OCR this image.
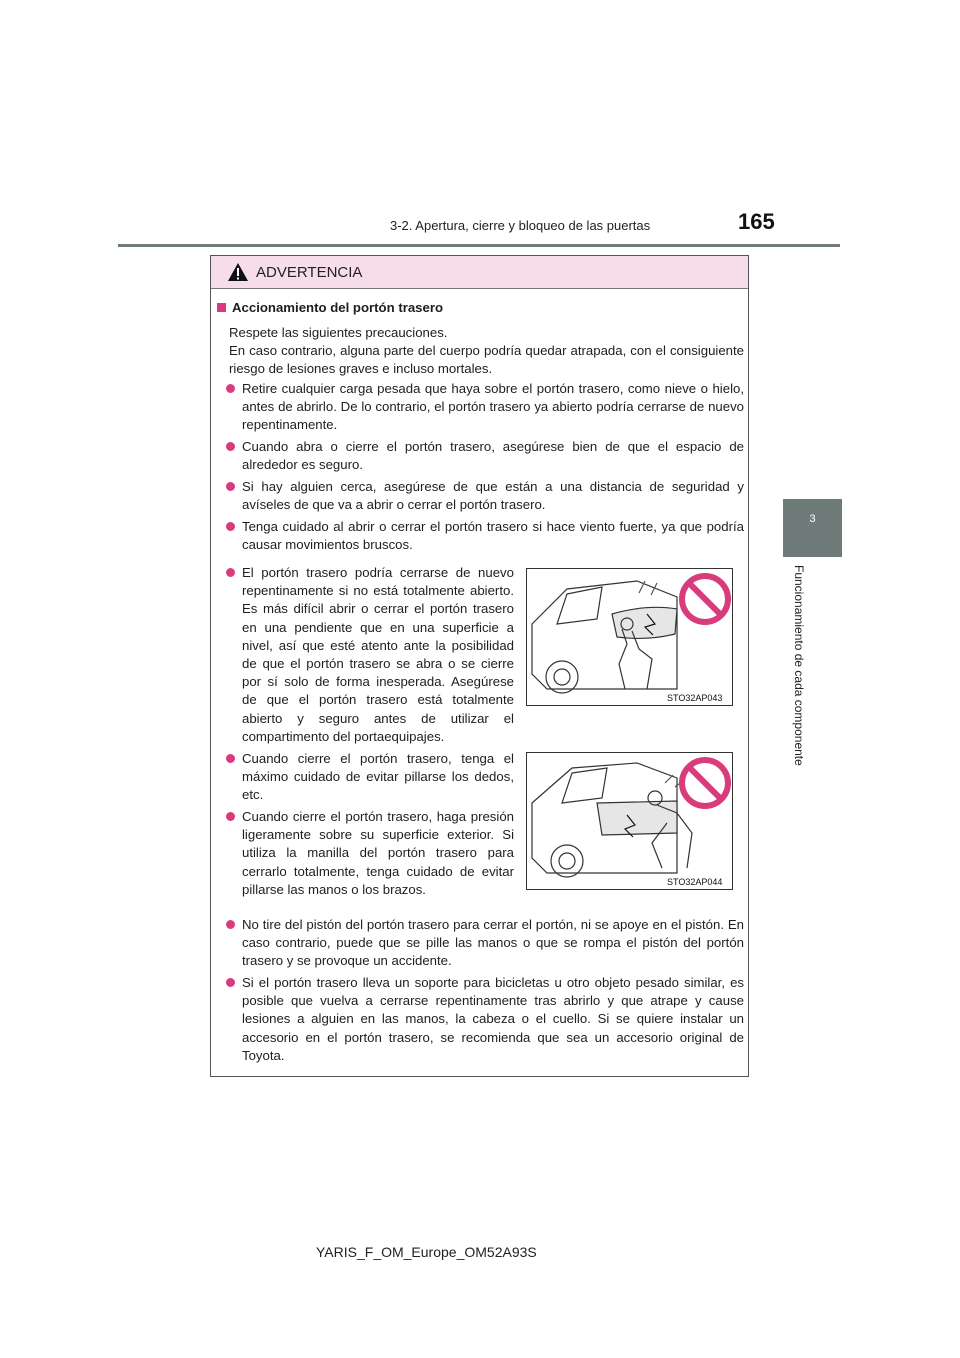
3-2. Apertura, cierre y bloqueo de las puertas	165
3
Funcionamiento de cada componente
ADVERTENCIA
Accionamiento del portón trasero
Respete las siguientes precauciones.
En caso contrario, alguna parte del cuerpo podría quedar atrapada, con el consiguiente riesgo de lesiones graves e incluso mortales.
Retire cualquier carga pesada que haya sobre el portón trasero, como nieve o hielo, antes de abrirlo. De lo contrario, el portón trasero ya abierto podría cerrarse de nuevo repentinamente.
Cuando abra o cierre el portón trasero, asegúrese bien de que el espacio de alrededor es seguro.
Si hay alguien cerca, asegúrese de que están a una distancia de seguridad y avíseles de que va a abrir o cerrar el portón trasero.
Tenga cuidado al abrir o cerrar el portón trasero si hace viento fuerte, ya que podría causar movimientos bruscos.
El portón trasero podría cerrarse de nuevo repentinamente si no está totalmente abierto. Es más difícil abrir o cerrar el portón trasero en una pendiente que en una superficie a nivel, así que esté atento ante la posibilidad de que el portón trasero se abra o se cierre por sí solo de forma inesperada. Asegúrese de que el portón trasero está totalmente abierto y seguro antes de utilizar el compartimento del portaequipajes.
STO32AP043
Cuando cierre el portón trasero, tenga el máximo cuidado de evitar pillarse los dedos, etc.
Cuando cierre el portón trasero, haga presión ligeramente sobre su superficie exterior. Si utiliza la manilla del portón trasero para cerrarlo totalmente, tenga cuidado de evitar pillarse las manos o los brazos.	STO32AP044
No tire del pistón del portón trasero para cerrar el portón, ni se apoye en el pistón. En caso contrario, puede que se pille las manos o que se rompa el pistón del portón trasero y se provoque un accidente.
Si el portón trasero lleva un soporte para bicicletas u otro objeto pesado similar, es posible que vuelva a cerrarse repentinamente tras abrirlo y que atrape y cause lesiones a alguien en las manos, la cabeza o el cuello. Si se quiere instalar un accesorio en el portón trasero, se recomienda que sea un accesorio original de Toyota.
YARIS_F_OM_Europe_OM52A93S
